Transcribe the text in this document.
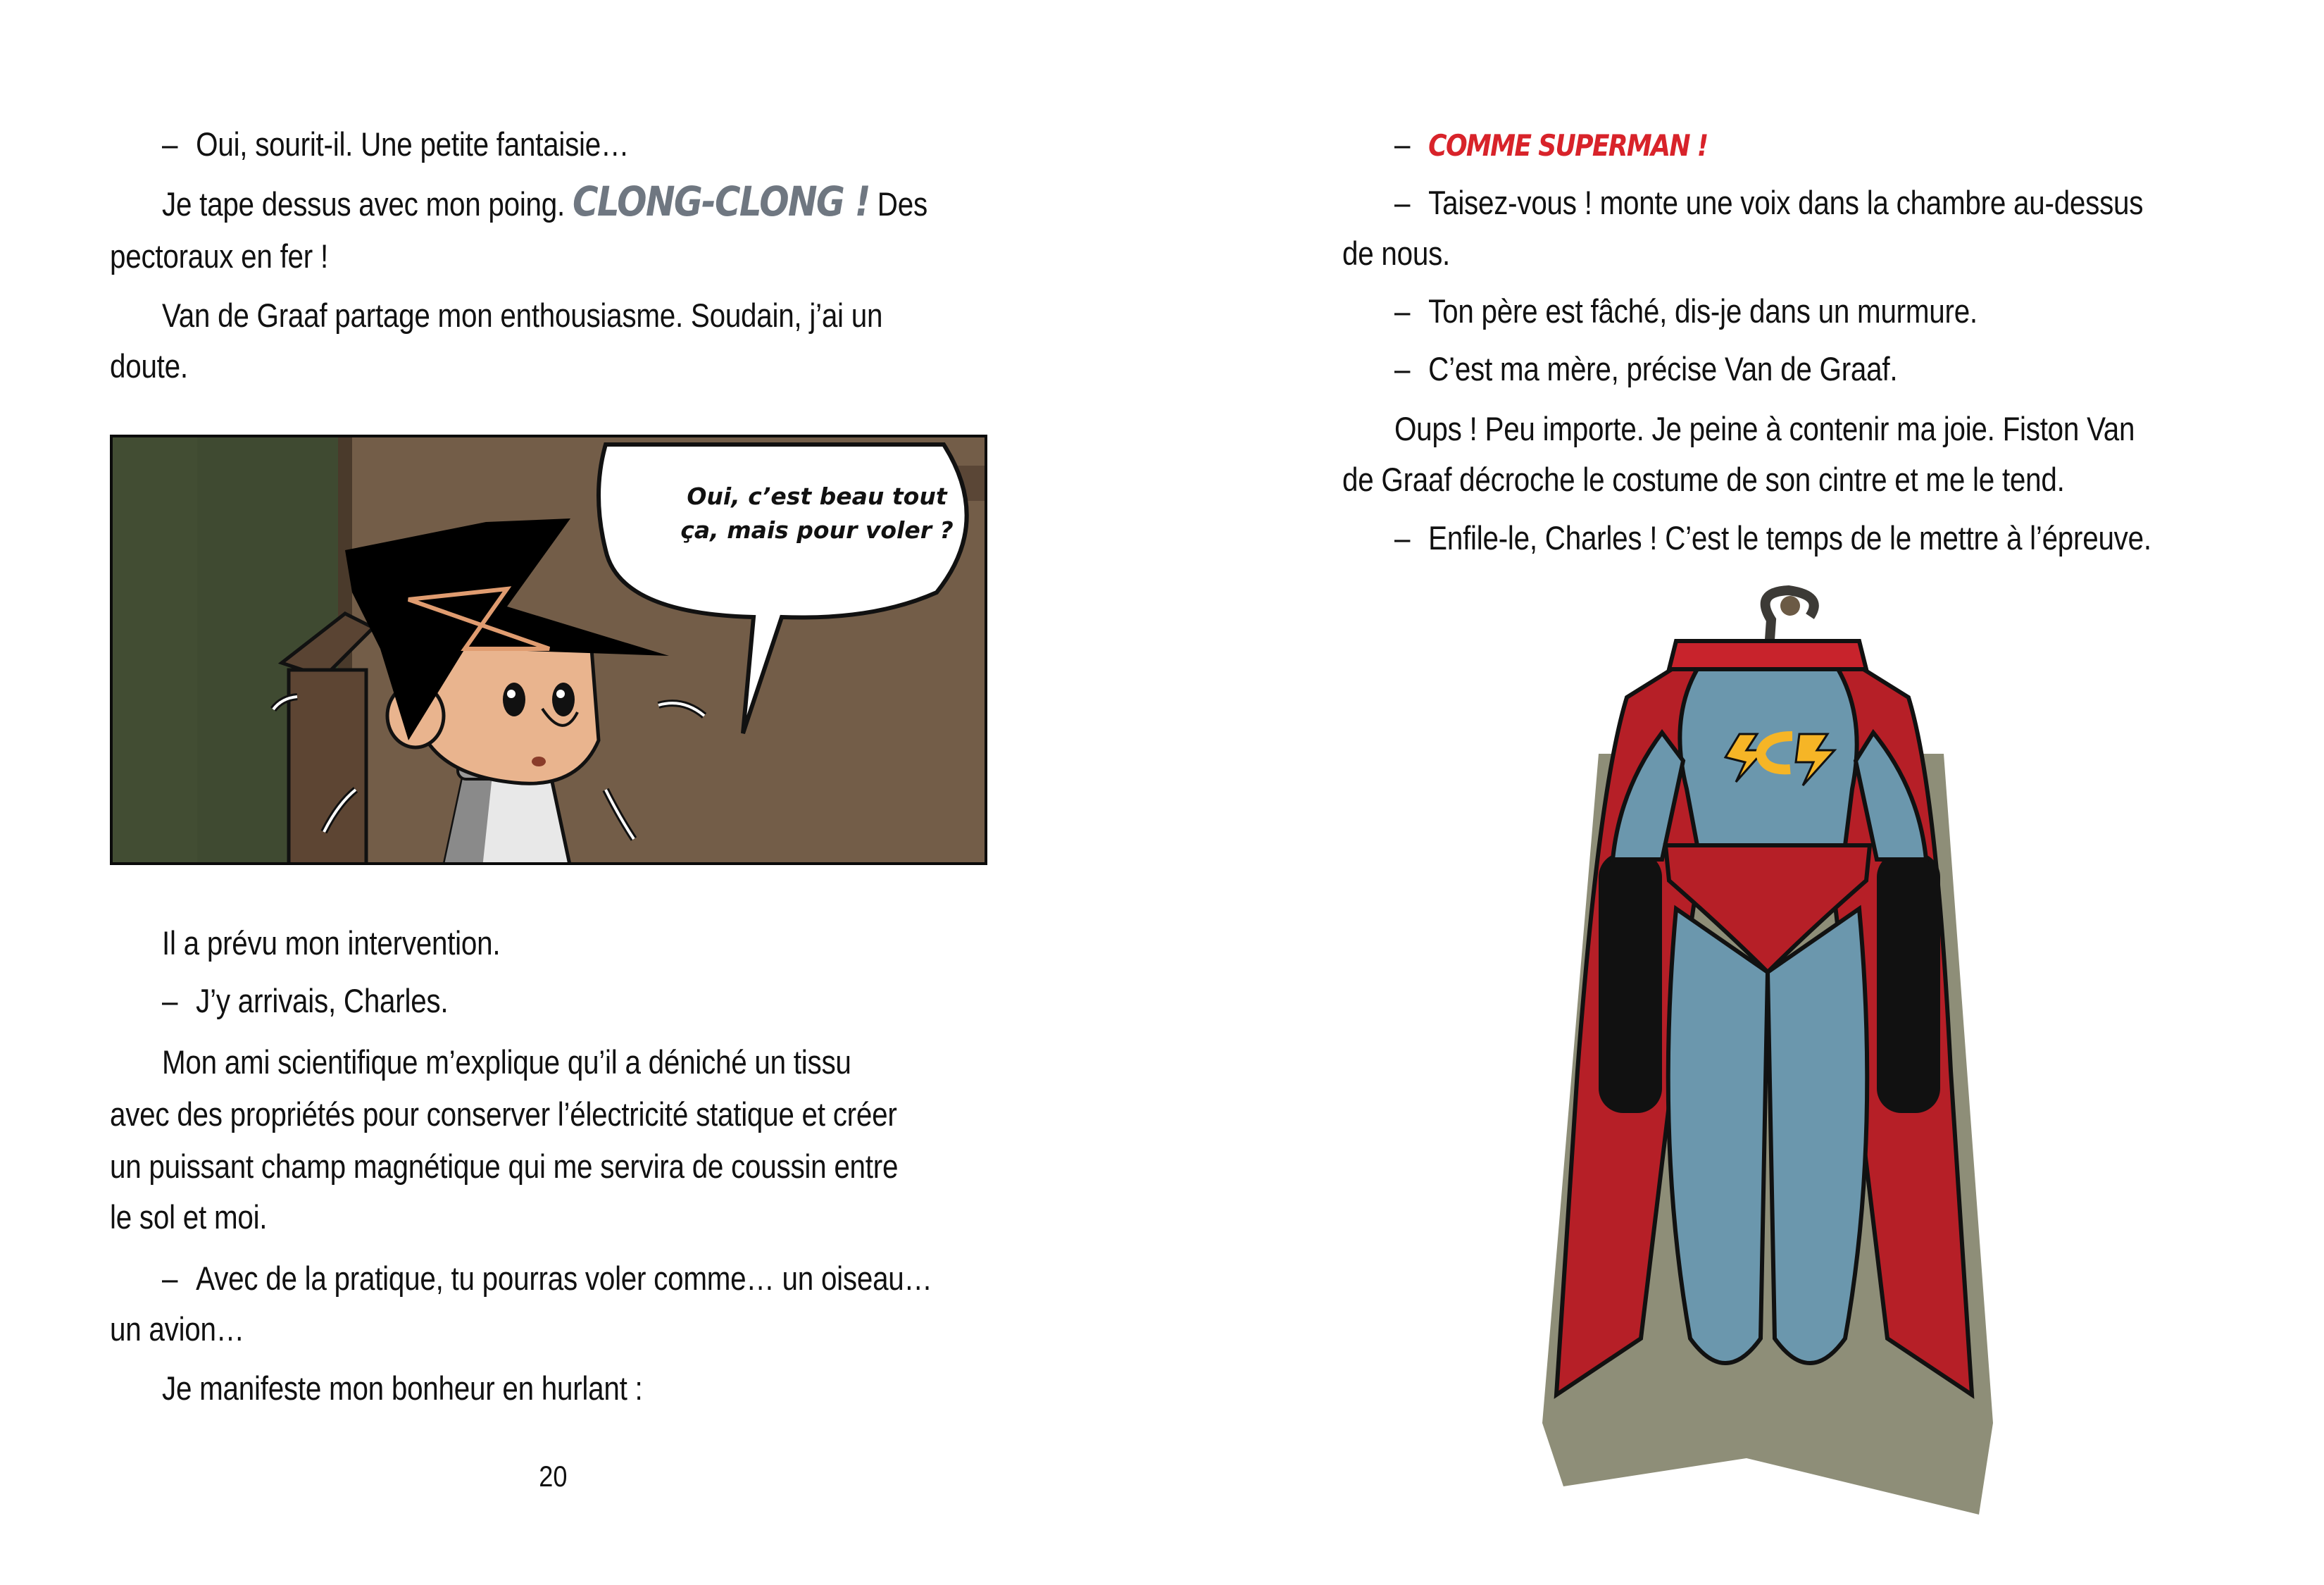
– Oui, sourit-il. Une petite fantaisie…
Je tape dessus avec mon poing. CLONG-CLONG ! Des
pectoraux en fer !
Van de Graaf partage mon enthousiasme. Soudain, j’ai un
doute.
Oui, c’est beau tout
ça, mais pour voler ?
Il a prévu mon intervention.
– J’y arrivais, Charles.
Mon ami scientifique m’explique qu’il a déniché un tissu
avec des propriétés pour conserver l’électricité statique et créer
un puissant champ magnétique qui me servira de coussin entre
le sol et moi.
– Avec de la pratique, tu pourras voler comme… un oiseau…
un avion…
Je manifeste mon bonheur en hurlant :
20
– COMME SUPERMAN !
– Taisez-vous ! monte une voix dans la chambre au-dessus
de nous.
– Ton père est fâché, dis-je dans un murmure.
– C’est ma mère, précise Van de Graaf.
Oups ! Peu importe. Je peine à contenir ma joie. Fiston Van
de Graaf décroche le costume de son cintre et me le tend.
– Enfile-le, Charles ! C’est le temps de le mettre à l’épreuve.
